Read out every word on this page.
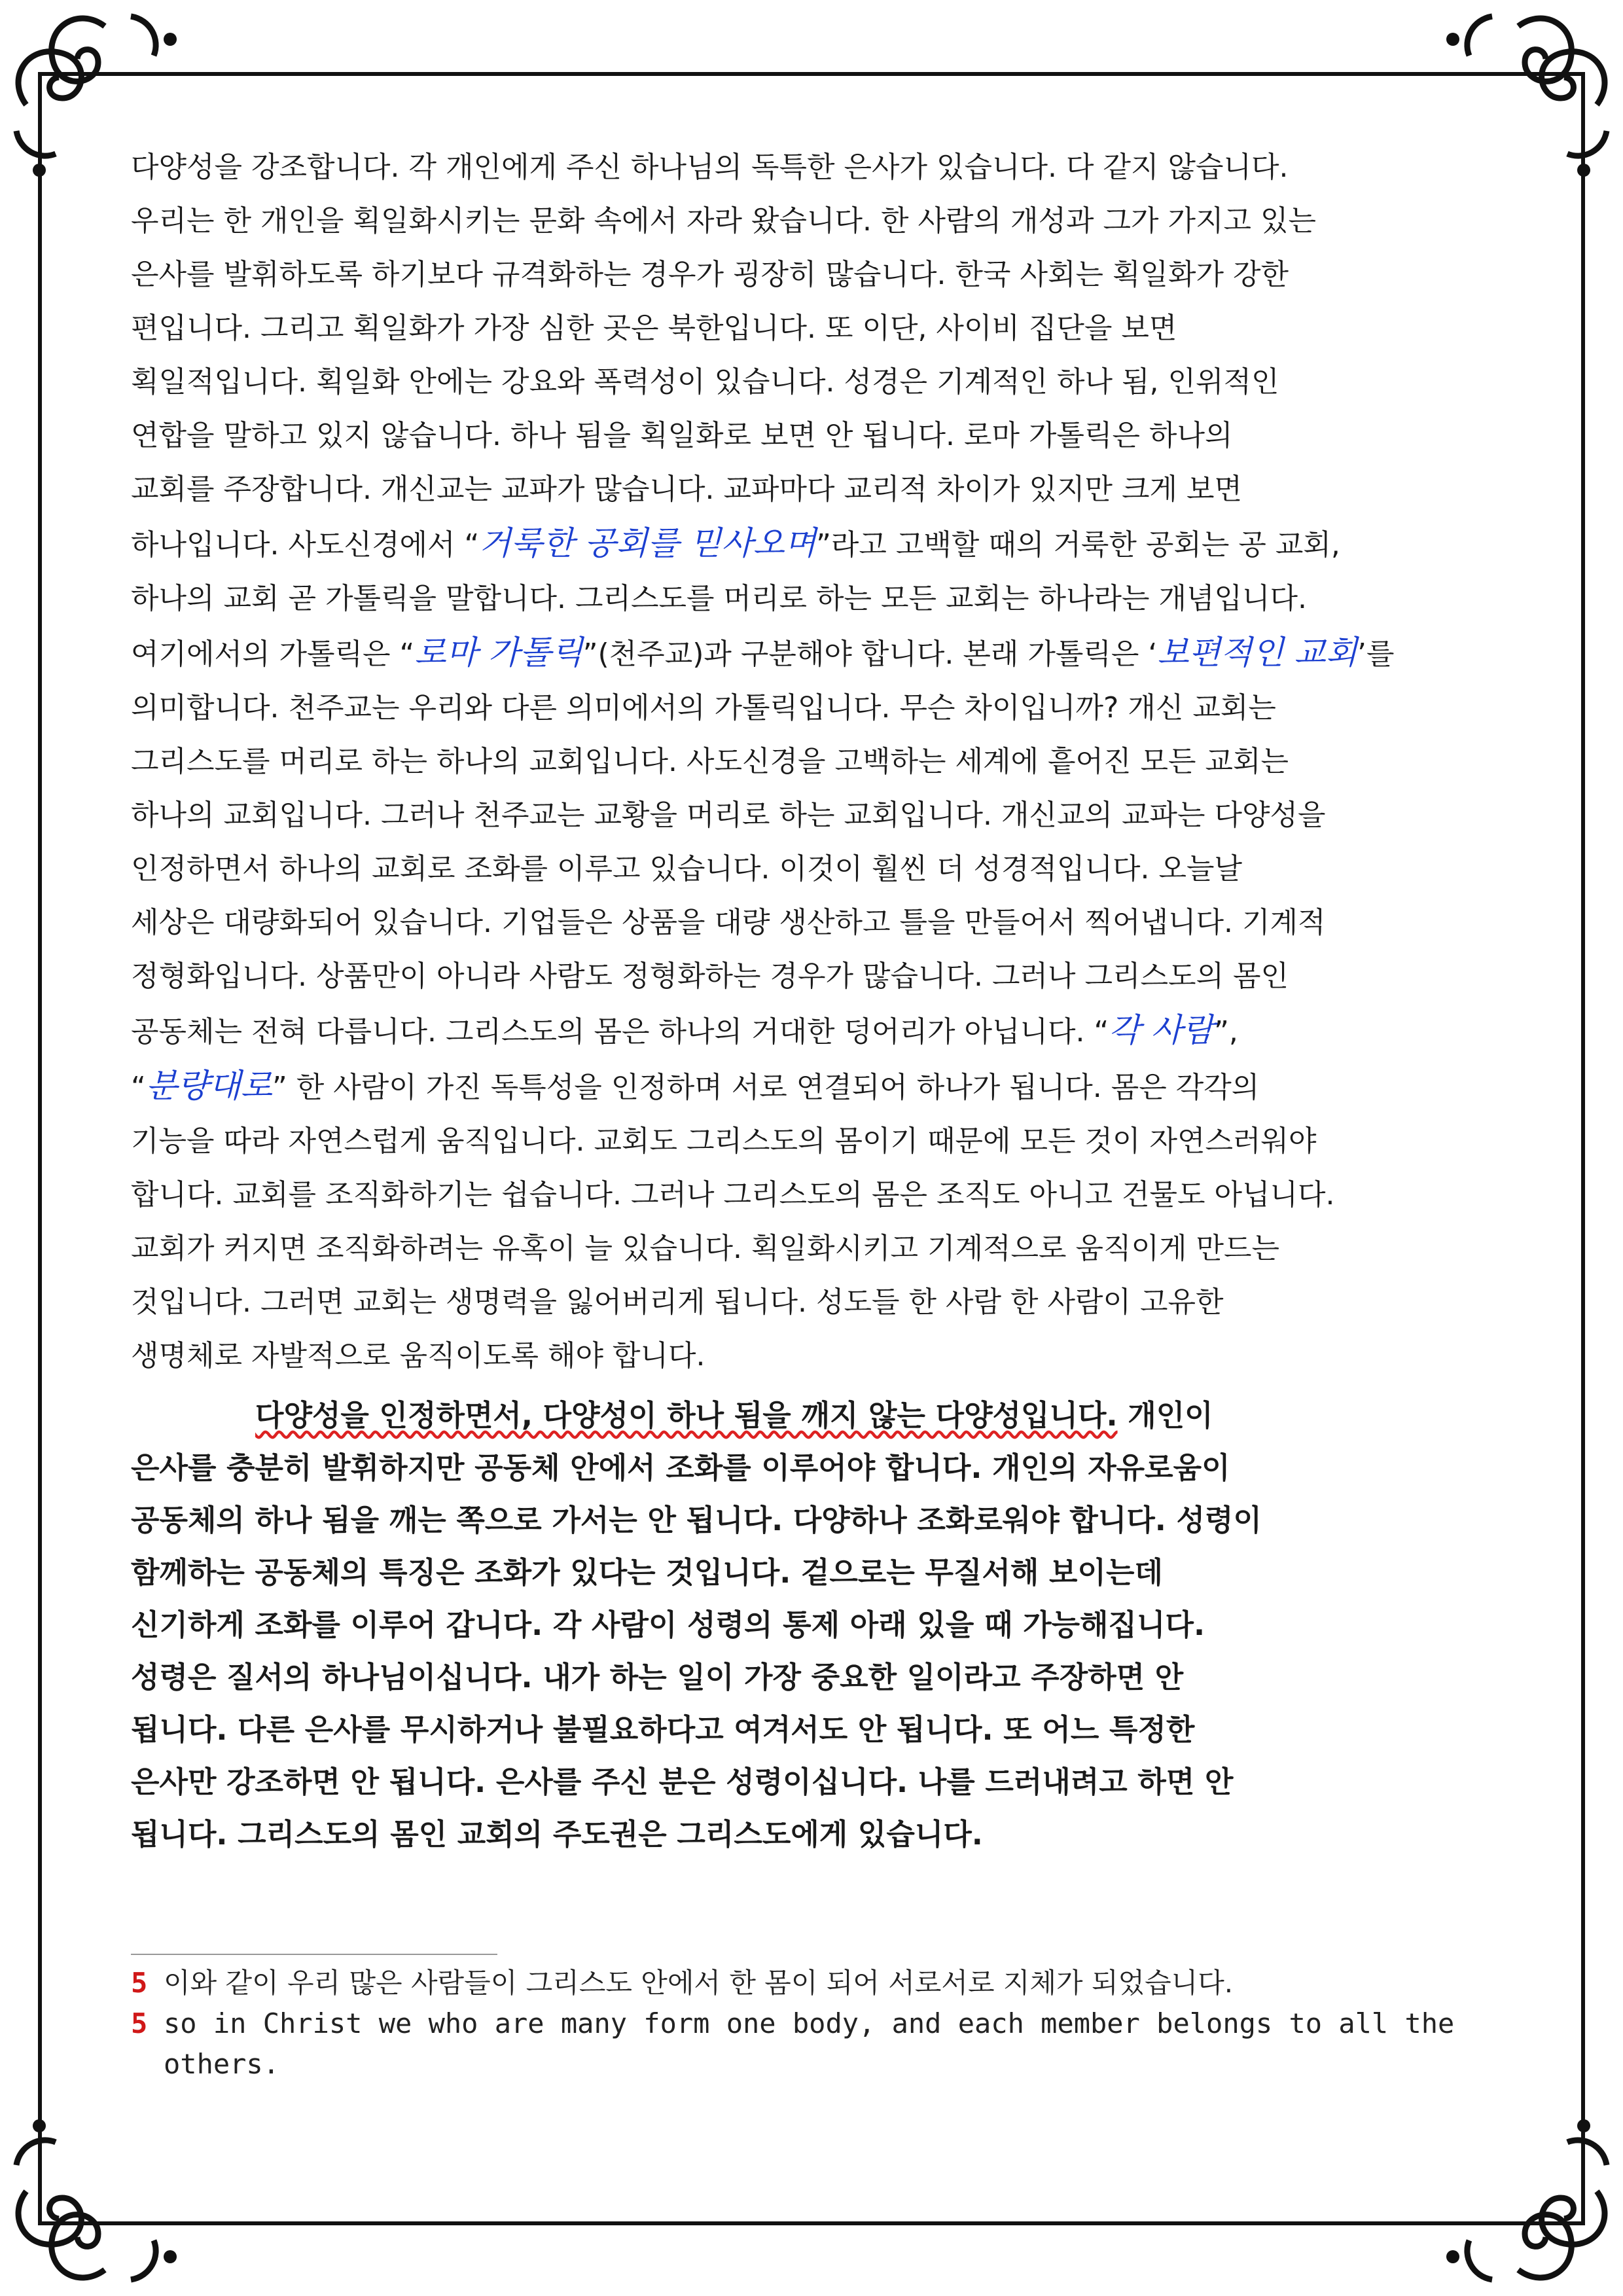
다양성을 강조합니다. 각 개인에게 주신 하나님의 독특한 은사가 있습니다. 다 같지 않습니다.
우리는 한 개인을 획일화시키는 문화 속에서 자라 왔습니다. 한 사람의 개성과 그가 가지고 있는
은사를 발휘하도록 하기보다 규격화하는 경우가 굉장히 많습니다. 한국 사회는 획일화가 강한
편입니다. 그리고 획일화가 가장 심한 곳은 북한입니다. 또 이단, 사이비 집단을 보면
획일적입니다. 획일화 안에는 강요와 폭력성이 있습니다. 성경은 기계적인 하나 됨, 인위적인
연합을 말하고 있지 않습니다. 하나 됨을 획일화로 보면 안 됩니다. 로마 가톨릭은 하나의
교회를 주장합니다. 개신교는 교파가 많습니다. 교파마다 교리적 차이가 있지만 크게 보면
하나입니다. 사도신경에서 “거룩한 공회를 믿사오며”라고 고백할 때의 거룩한 공회는 공 교회,
하나의 교회 곧 가톨릭을 말합니다. 그리스도를 머리로 하는 모든 교회는 하나라는 개념입니다.
여기에서의 가톨릭은 “로마 가톨릭”(천주교)과 구분해야 합니다. 본래 가톨릭은 ‘보편적인 교회’를
의미합니다. 천주교는 우리와 다른 의미에서의 가톨릭입니다. 무슨 차이입니까? 개신 교회는
그리스도를 머리로 하는 하나의 교회입니다. 사도신경을 고백하는 세계에 흩어진 모든 교회는
하나의 교회입니다. 그러나 천주교는 교황을 머리로 하는 교회입니다. 개신교의 교파는 다양성을
인정하면서 하나의 교회로 조화를 이루고 있습니다. 이것이 훨씬 더 성경적입니다. 오늘날
세상은 대량화되어 있습니다. 기업들은 상품을 대량 생산하고 틀을 만들어서 찍어냅니다. 기계적
정형화입니다. 상품만이 아니라 사람도 정형화하는 경우가 많습니다. 그러나 그리스도의 몸인
공동체는 전혀 다릅니다. 그리스도의 몸은 하나의 거대한 덩어리가 아닙니다. “각 사람”,
“분량대로” 한 사람이 가진 독특성을 인정하며 서로 연결되어 하나가 됩니다. 몸은 각각의
기능을 따라 자연스럽게 움직입니다. 교회도 그리스도의 몸이기 때문에 모든 것이 자연스러워야
합니다. 교회를 조직화하기는 쉽습니다. 그러나 그리스도의 몸은 조직도 아니고 건물도 아닙니다.
교회가 커지면 조직화하려는 유혹이 늘 있습니다. 획일화시키고 기계적으로 움직이게 만드는
것입니다. 그러면 교회는 생명력을 잃어버리게 됩니다. 성도들 한 사람 한 사람이 고유한
생명체로 자발적으로 움직이도록 해야 합니다.

다양성을 인정하면서, 다양성이 하나 됨을 깨지 않는 다양성입니다. 개인이
은사를 충분히 발휘하지만 공동체 안에서 조화를 이루어야 합니다. 개인의 자유로움이
공동체의 하나 됨을 깨는 쪽으로 가서는 안 됩니다. 다양하나 조화로워야 합니다. 성령이
함께하는 공동체의 특징은 조화가 있다는 것입니다. 겉으로는 무질서해 보이는데
신기하게 조화를 이루어 갑니다. 각 사람이 성령의 통제 아래 있을 때 가능해집니다.
성령은 질서의 하나님이십니다. 내가 하는 일이 가장 중요한 일이라고 주장하면 안
됩니다. 다른 은사를 무시하거나 불필요하다고 여겨서도 안 됩니다. 또 어느 특정한
은사만 강조하면 안 됩니다. 은사를 주신 분은 성령이십니다. 나를 드러내려고 하면 안
됩니다. 그리스도의 몸인 교회의 주도권은 그리스도에게 있습니다.

5 이와 같이 우리 많은 사람들이 그리스도 안에서 한 몸이 되어 서로서로 지체가 되었습니다.
5 so in Christ we who are many form one body, and each member belongs to all the others.
